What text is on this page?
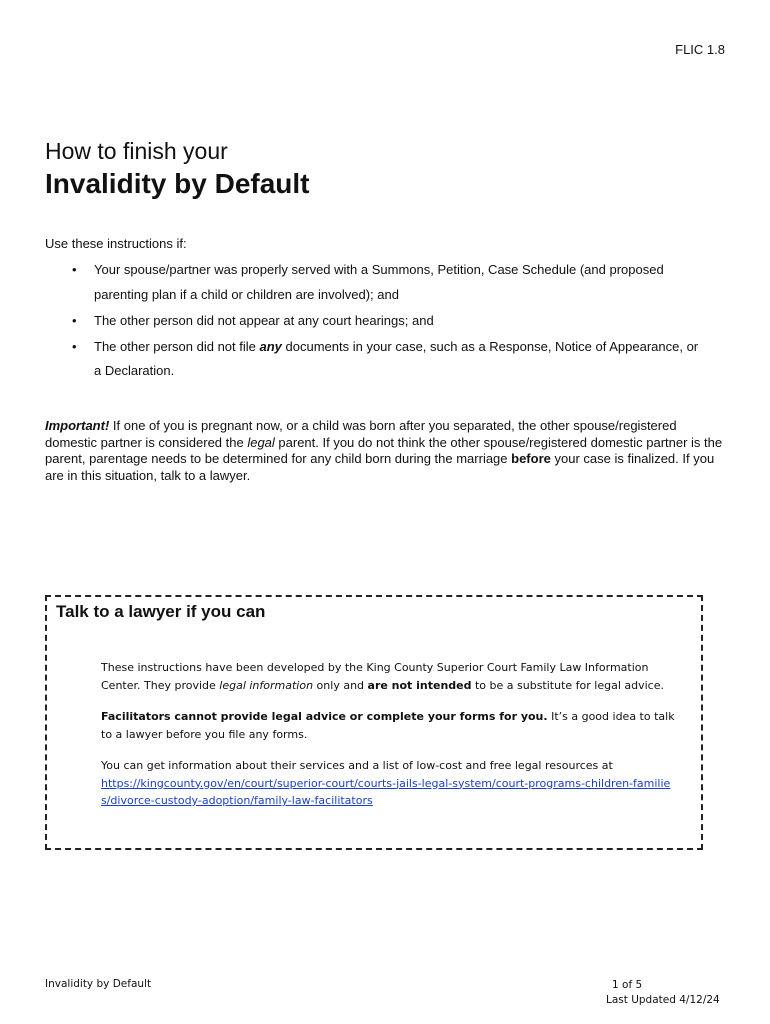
FLIC 1.8
How to finish your
Invalidity by Default
Use these instructions if:
• Your spouse/partner was properly served with a Summons, Petition, Case Schedule (and proposed parenting plan if a child or children are involved); and
• The other person did not appear at any court hearings; and
• The other person did not file any documents in your case, such as a Response, Notice of Appearance, or a Declaration.
Important! If one of you is pregnant now, or a child was born after you separated, the other spouse/registered domestic partner is considered the legal parent. If you do not think the other spouse/registered domestic partner is the parent, parentage needs to be determined for any child born during the marriage before your case is finalized. If you are in this situation, talk to a lawyer.
Talk to a lawyer if you can

These instructions have been developed by the King County Superior Court Family Law Information Center. They provide legal information only and are not intended to be a substitute for legal advice.

Facilitators cannot provide legal advice or complete your forms for you. It’s a good idea to talk to a lawyer before you file any forms.

You can get information about their services and a list of low-cost and free legal resources at
https://kingcounty.gov/en/court/superior-court/courts-jails-legal-system/court-programs-children-families/divorce-custody-adoption/family-law-facilitators

Invalidity by Default	1 of 5
Last Updated 4/12/24
